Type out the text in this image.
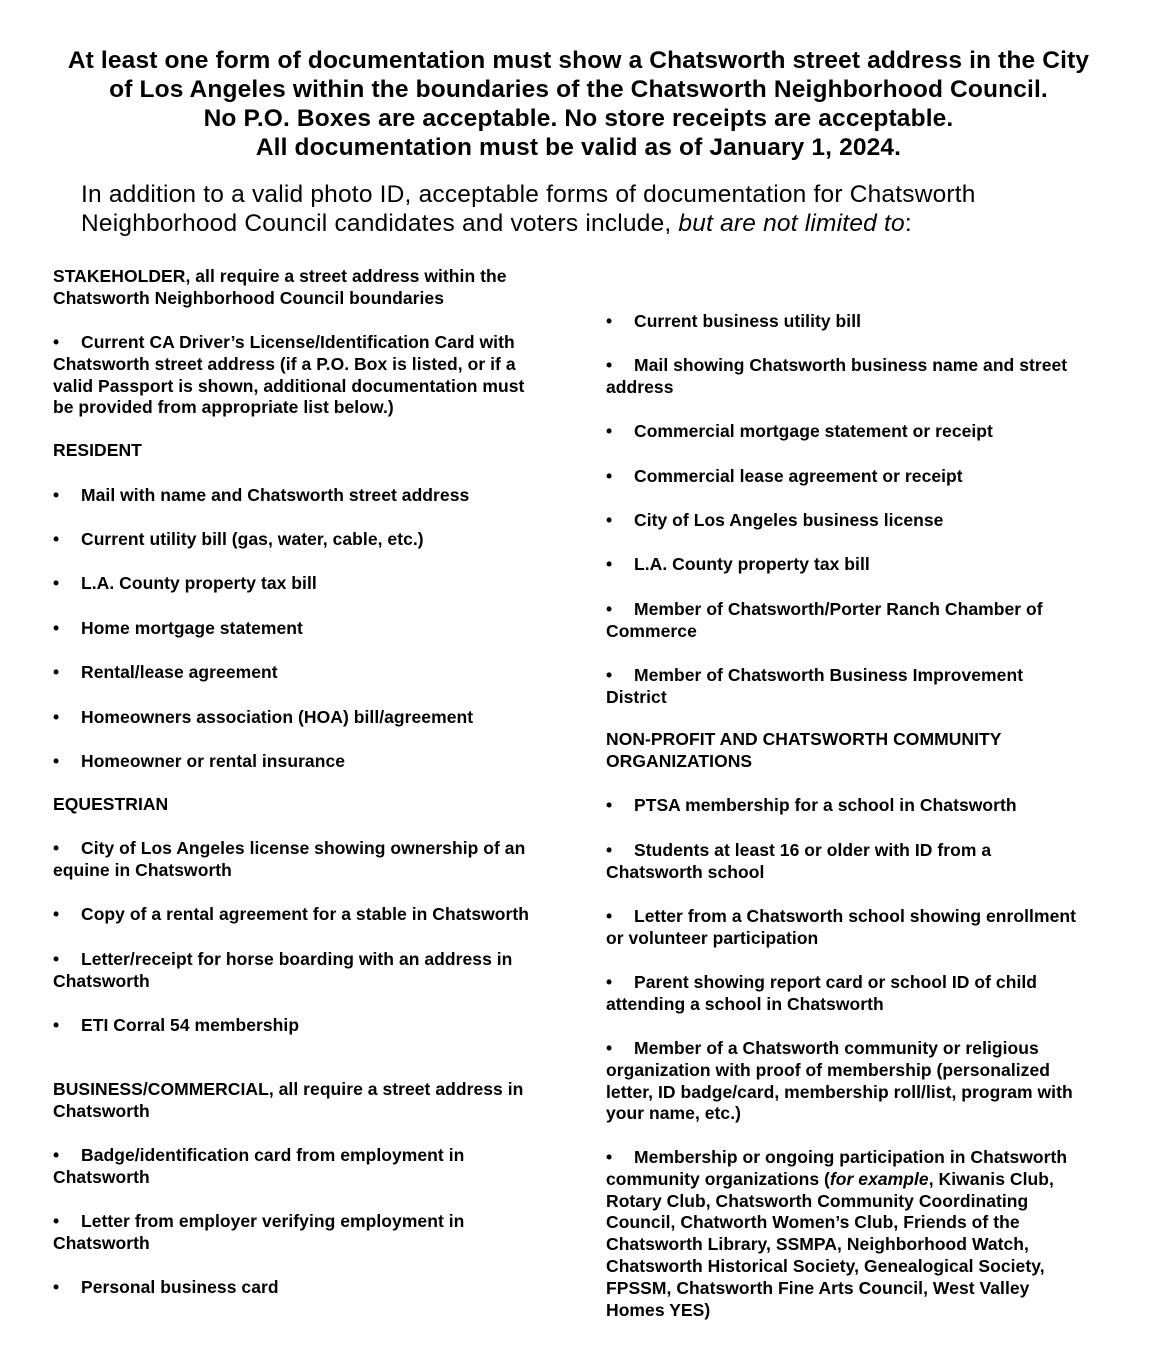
At least one form of documentation must show a Chatsworth street address in the City
of Los Angeles within the boundaries of the Chatsworth Neighborhood Council.
No P.O. Boxes are acceptable. No store receipts are acceptable.
All documentation must be valid as of January 1, 2024.
In addition to a valid photo ID, acceptable forms of documentation for Chatsworth
Neighborhood Council candidates and voters include, but are not limited to:
STAKEHOLDER, all require a street address within the
Chatsworth Neighborhood Council boundaries
• Current CA Driver’s License/Identification Card with
Chatsworth street address (if a P.O. Box is listed, or if a
valid Passport is shown, additional documentation must
be provided from appropriate list below.)
RESIDENT
• Mail with name and Chatsworth street address
• Current utility bill (gas, water, cable, etc.)
• L.A. County property tax bill
• Home mortgage statement
• Rental/lease agreement
• Homeowners association (HOA) bill/agreement
• Homeowner or rental insurance
EQUESTRIAN
• City of Los Angeles license showing ownership of an
equine in Chatsworth
• Copy of a rental agreement for a stable in Chatsworth
• Letter/receipt for horse boarding with an address in
Chatsworth
• ETI Corral 54 membership
BUSINESS/COMMERCIAL, all require a street address in
Chatsworth
• Badge/identification card from employment in
Chatsworth
• Letter from employer verifying employment in
Chatsworth
• Personal business card
• Current business utility bill
• Mail showing Chatsworth business name and street
address
• Commercial mortgage statement or receipt
• Commercial lease agreement or receipt
• City of Los Angeles business license
• L.A. County property tax bill
• Member of Chatsworth/Porter Ranch Chamber of
Commerce
• Member of Chatsworth Business Improvement
District
NON-PROFIT AND CHATSWORTH COMMUNITY
ORGANIZATIONS
• PTSA membership for a school in Chatsworth
• Students at least 16 or older with ID from a
Chatsworth school
• Letter from a Chatsworth school showing enrollment
or volunteer participation
• Parent showing report card or school ID of child
attending a school in Chatsworth
• Member of a Chatsworth community or religious
organization with proof of membership (personalized
letter, ID badge/card, membership roll/list, program with
your name, etc.)
• Membership or ongoing participation in Chatsworth
community organizations (for example, Kiwanis Club,
Rotary Club, Chatsworth Community Coordinating
Council, Chatworth Women’s Club, Friends of the
Chatsworth Library, SSMPA, Neighborhood Watch,
Chatsworth Historical Society, Genealogical Society,
FPSSM, Chatsworth Fine Arts Council, West Valley
Homes YES)
